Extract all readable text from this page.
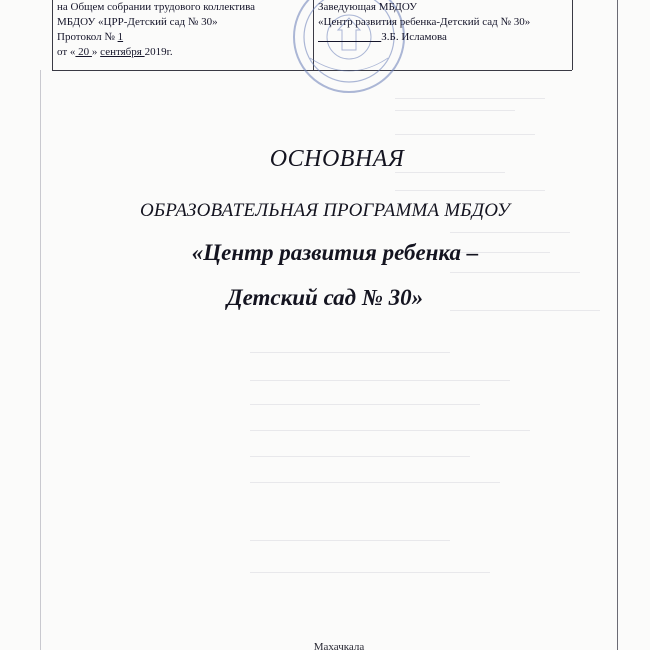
на Общем собрании трудового коллектива
МБДОУ «ЦРР-Детский сад № 30»
Протокол № 1
от « 20 » сентября 2019г.
Заведующая МБДОУ
«Центр развития ребенка-Детский сад № 30»
З.Б. Исламова
ОСНОВНАЯ
ОБРАЗОВАТЕЛЬНАЯ ПРОГРАММА МБДОУ
«Центр развития ребенка –
Детский сад № 30»
Махачкала
